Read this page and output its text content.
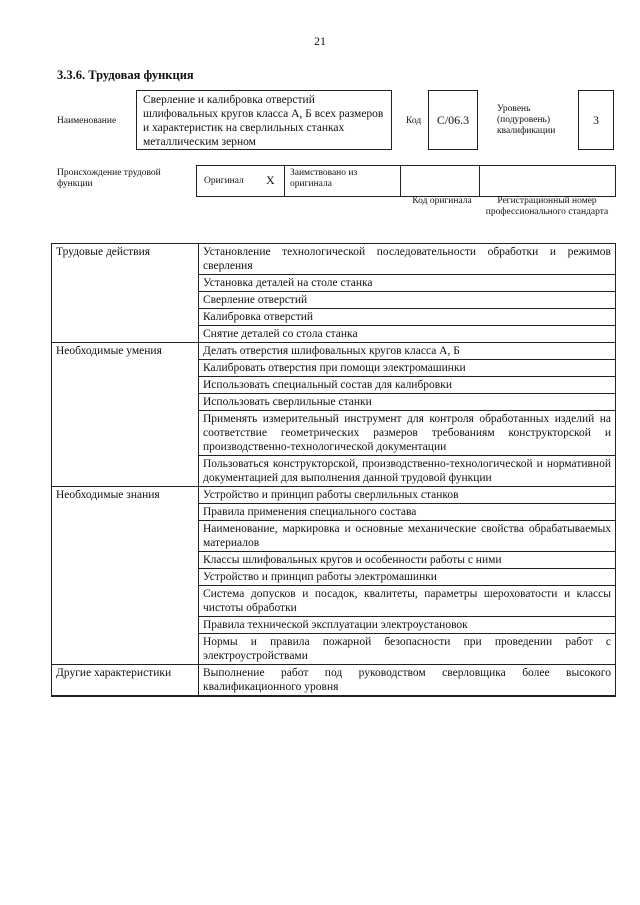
21
3.3.6. Трудовая функция
Наименование
Сверление и калибровка отверстий шлифовальных кругов класса А, Б всех размеров и характеристик на сверлильных станках металлическим зерном
Код C/06.3
Уровень (подуровень) квалификации
3
Происхождение трудовой функции	Оригинал X Заимствовано из оригинала
Код оригинала	Регистрационный номер профессионального стандарта
Трудовые действия	Установление технологической последовательности обработки и режимов сверления
	Установка деталей на столе станка
	Сверление отверстий
	Калибровка отверстий
	Снятие деталей со стола станка
Необходимые умения	Делать отверстия шлифовальных кругов класса А, Б
	Калибровать отверстия при помощи электромашинки
	Использовать специальный состав для калибровки
	Использовать сверлильные станки
	Применять измерительный инструмент для контроля обработанных изделий на соответствие геометрических размеров требованиям конструкторской и производственно-технологической документации
	Пользоваться конструкторской, производственно-технологической и нормативной документацией для выполнения данной трудовой функции
Необходимые знания	Устройство и принцип работы сверлильных станков
	Правила применения специального состава
	Наименование, маркировка и основные механические свойства обрабатываемых материалов
	Классы шлифовальных кругов и особенности работы с ними
	Устройство и принцип работы электромашинки
	Система допусков и посадок, квалитеты, параметры шероховатости и классы чистоты обработки
	Правила технической эксплуатации электроустановок
	Нормы и правила пожарной безопасности при проведении работ с электроустройствами
Другие характеристики	Выполнение работ под руководством сверловщика более высокого квалификационного уровня
